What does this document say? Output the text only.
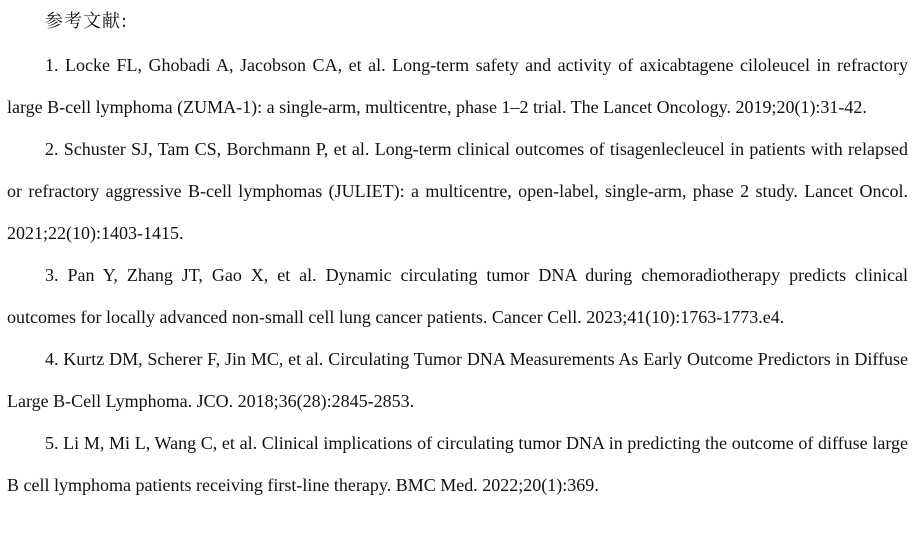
参考文献:
1. Locke FL, Ghobadi A, Jacobson CA, et al. Long-term safety and activity of axicabtagene ciloleucel in refractory large B-cell lymphoma (ZUMA-1): a single-arm, multicentre, phase 1–2 trial. The Lancet Oncology. 2019;20(1):31-42.
2. Schuster SJ, Tam CS, Borchmann P, et al. Long-term clinical outcomes of tisagenlecleucel in patients with relapsed or refractory aggressive B-cell lymphomas (JULIET): a multicentre, open-label, single-arm, phase 2 study. Lancet Oncol. 2021;22(10):1403-1415.
3. Pan Y, Zhang JT, Gao X, et al. Dynamic circulating tumor DNA during chemoradiotherapy predicts clinical outcomes for locally advanced non-small cell lung cancer patients. Cancer Cell. 2023;41(10):1763-1773.e4.
4. Kurtz DM, Scherer F, Jin MC, et al. Circulating Tumor DNA Measurements As Early Outcome Predictors in Diffuse Large B-Cell Lymphoma. JCO. 2018;36(28):2845-2853.
5. Li M, Mi L, Wang C, et al. Clinical implications of circulating tumor DNA in predicting the outcome of diffuse large B cell lymphoma patients receiving first-line therapy. BMC Med. 2022;20(1):369.
